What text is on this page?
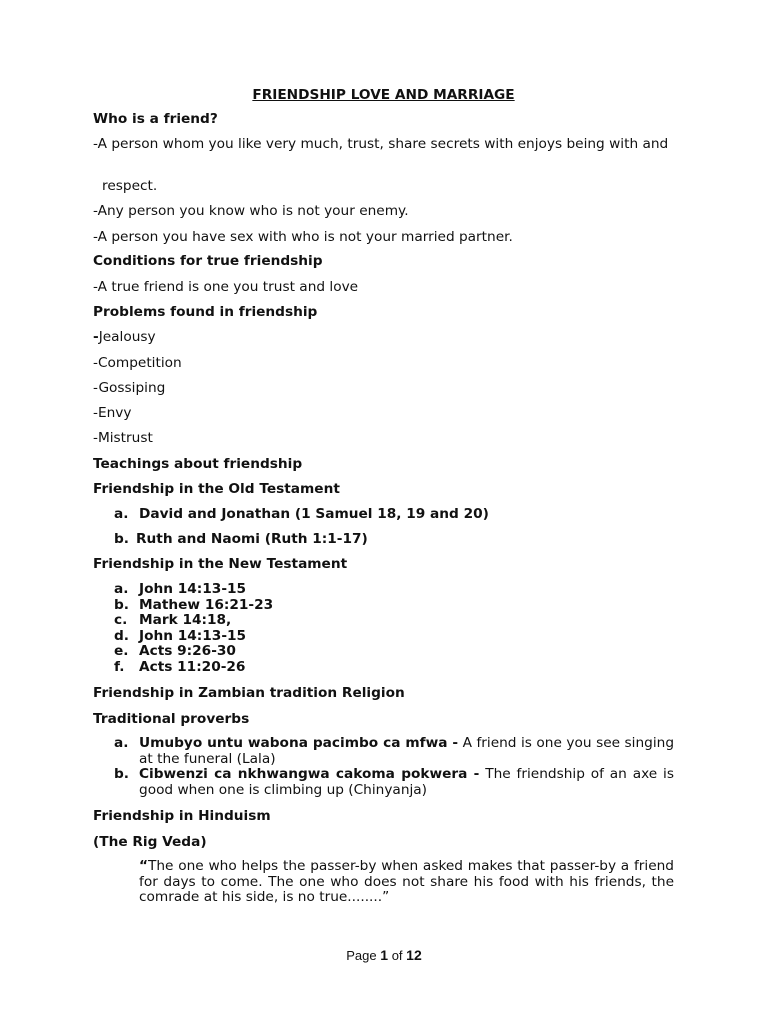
FRIENDSHIP LOVE AND MARRIAGE
Who is a friend?
-A person whom you like very much, trust, share secrets with enjoys being with and
respect.
-Any person you know who is not your enemy.
-A person you have sex with who is not your married partner.
Conditions for true friendship
-A true friend is one you trust and love
Problems found in friendship
-Jealousy
-Competition
-Gossiping
-Envy
-Mistrust
Teachings about friendship
Friendship in the Old Testament
a. David and Jonathan (1 Samuel 18, 19 and 20)
b. Ruth and Naomi (Ruth 1:1-17)
Friendship in the New Testament
a. John 14:13-15
b. Mathew 16:21-23
c. Mark 14:18,
d. John 14:13-15
e. Acts 9:26-30
f. Acts 11:20-26
Friendship in Zambian tradition Religion
Traditional proverbs
a. Umubyo untu wabona pacimbo ca mfwa - A friend is one you see singing at the funeral (Lala)
b. Cibwenzi ca nkhwangwa cakoma pokwera - The friendship of an axe is good when one is climbing up (Chinyanja)
Friendship in Hinduism
(The Rig Veda)
“The one who helps the passer-by when asked makes that passer-by a friend for days to come. The one who does not share his food with his friends, the comrade at his side, is no true........”
Page 1 of 12
